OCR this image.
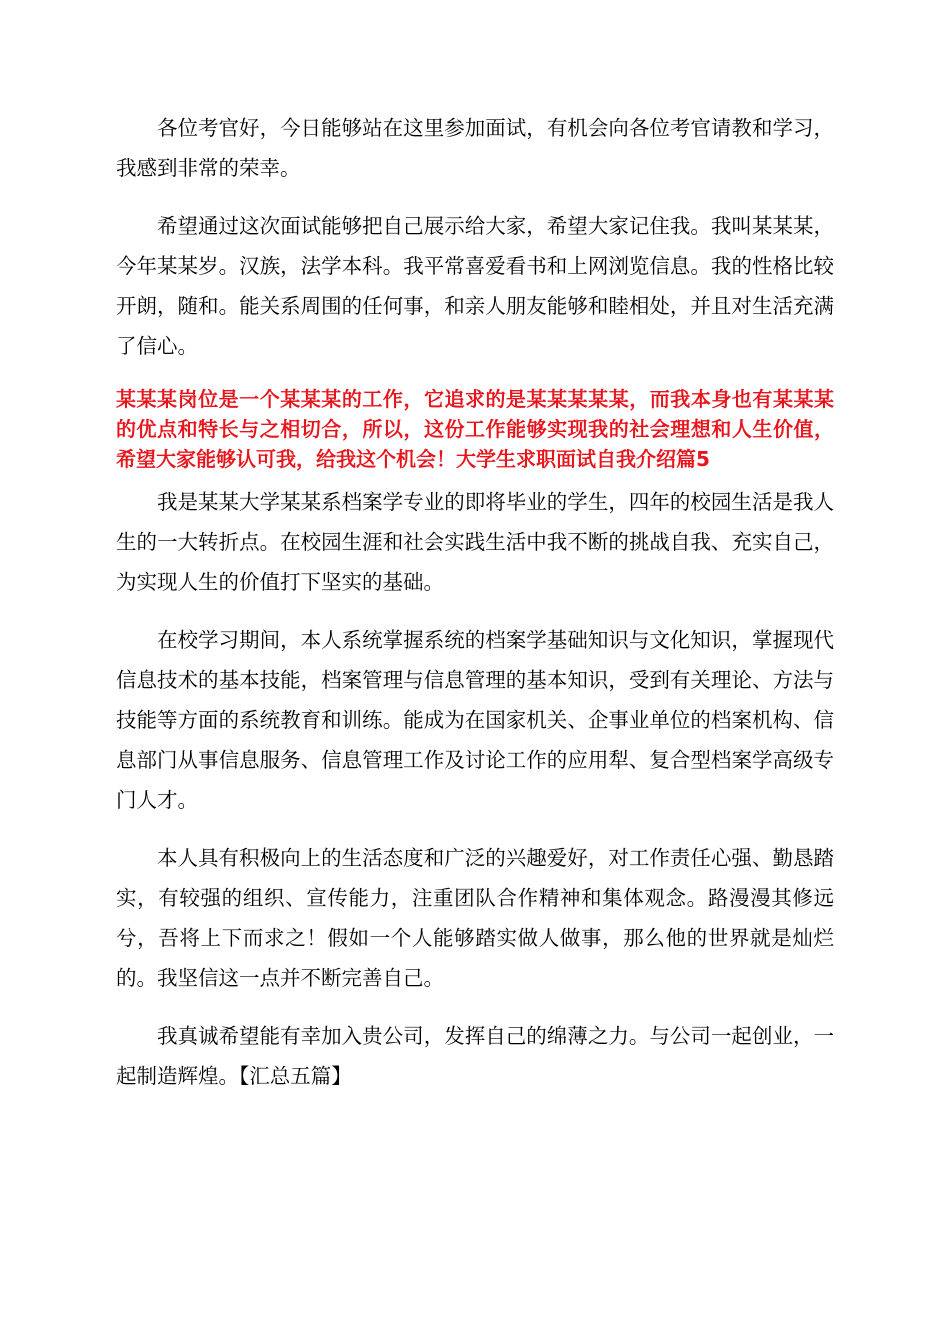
各位考官好，今日能够站在这里参加面试，有机会向各位考官请教和学习，我感到非常的荣幸。

希望通过这次面试能够把自己展示给大家，希望大家记住我。我叫某某某，今年某某岁。汉族，法学本科。我平常喜爱看书和上网浏览信息。我的性格比较开朗，随和。能关系周围的任何事，和亲人朋友能够和睦相处，并且对生活充满了信心。

某某某岗位是一个某某某的工作，它追求的是某某某某某，而我本身也有某某某的优点和特长与之相切合，所以，这份工作能够实现我的社会理想和人生价值，希望大家能够认可我，给我这个机会！大学生求职面试自我介绍篇5

我是某某大学某某系档案学专业的即将毕业的学生，四年的校园生活是我人生的一大转折点。在校园生涯和社会实践生活中我不断的挑战自我、充实自己，为实现人生的价值打下坚实的基础。

在校学习期间，本人系统掌握系统的档案学基础知识与文化知识，掌握现代信息技术的基本技能，档案管理与信息管理的基本知识，受到有关理论、方法与技能等方面的系统教育和训练。能成为在国家机关、企事业单位的档案机构、信息部门从事信息服务、信息管理工作及讨论工作的应用犁、复合型档案学高级专门人才。

本人具有积极向上的生活态度和广泛的兴趣爱好，对工作责任心强、勤恳踏实，有较强的组织、宣传能力，注重团队合作精神和集体观念。路漫漫其修远兮，吾将上下而求之！假如一个人能够踏实做人做事，那么他的世界就是灿烂的。我坚信这一点并不断完善自己。

我真诚希望能有幸加入贵公司，发挥自己的绵薄之力。与公司一起创业，一起制造辉煌。【汇总五篇】
